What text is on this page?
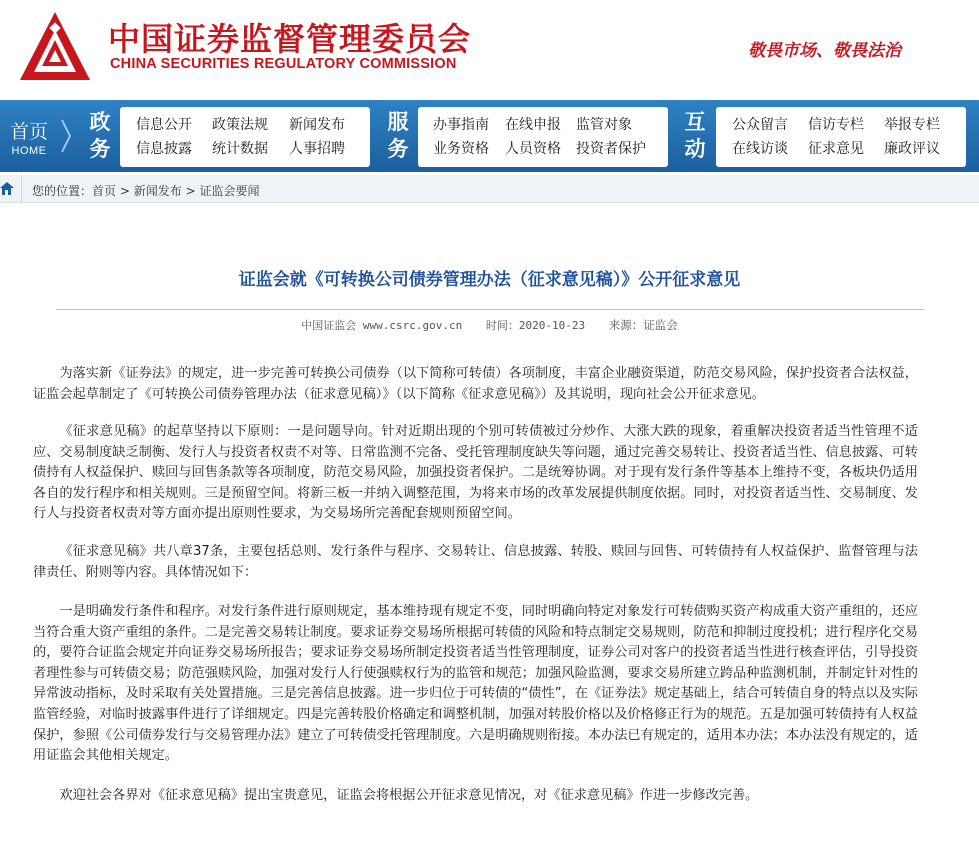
中国证券监督管理委员会
CHINA SECURITIES REGULATORY COMMISSION
敬畏市场、敬畏法治
首页
HOME
政
务
信息公开 政策法规 新闻发布
信息披露 统计数据 人事招聘
服
务
办事指南 在线申报 监管对象
业务资格 人员资格 投资者保护
互
动
公众留言 信访专栏 举报专栏
在线访谈 征求意见 廉政评议
您的位置：首页 > 新闻发布 > 证监会要闻
证监会就《可转换公司债券管理办法（征求意见稿）》公开征求意见
中国证监会 www.csrc.gov.cn 时间：2020-10-23 来源：证监会
为落实新《证券法》的规定，进一步完善可转换公司债券（以下简称可转债）各项制度，丰富企业融资渠道，防范交易风险，保护投资者合法权益，证监会起草制定了《可转换公司债券管理办法（征求意见稿）》（以下简称《征求意见稿》）及其说明，现向社会公开征求意见。
《征求意见稿》的起草坚持以下原则：一是问题导向。针对近期出现的个别可转债被过分炒作、大涨大跌的现象，着重解决投资者适当性管理不适应、交易制度缺乏制衡、发行人与投资者权责不对等、日常监测不完备、受托管理制度缺失等问题，通过完善交易转让、投资者适当性、信息披露、可转债持有人权益保护、赎回与回售条款等各项制度，防范交易风险，加强投资者保护。二是统筹协调。对于现有发行条件等基本上维持不变，各板块仍适用各自的发行程序和相关规则。三是预留空间。将新三板一并纳入调整范围，为将来市场的改革发展提供制度依据。同时，对投资者适当性、交易制度、发行人与投资者权责对等方面亦提出原则性要求，为交易场所完善配套规则预留空间。
《征求意见稿》共八章37条，主要包括总则、发行条件与程序、交易转让、信息披露、转股、赎回与回售、可转债持有人权益保护、监督管理与法律责任、附则等内容。具体情况如下：
一是明确发行条件和程序。对发行条件进行原则规定，基本维持现有规定不变，同时明确向特定对象发行可转债购买资产构成重大资产重组的，还应当符合重大资产重组的条件。二是完善交易转让制度。要求证券交易场所根据可转债的风险和特点制定交易规则，防范和抑制过度投机；进行程序化交易的，要符合证监会规定并向证券交易场所报告；要求证券交易场所制定投资者适当性管理制度，证券公司对客户的投资者适当性进行核查评估，引导投资者理性参与可转债交易；防范强赎风险，加强对发行人行使强赎权行为的监管和规范；加强风险监测，要求交易所建立跨品种监测机制，并制定针对性的异常波动指标，及时采取有关处置措施。三是完善信息披露。进一步归位于可转债的“债性”，在《证券法》规定基础上，结合可转债自身的特点以及实际监管经验，对临时披露事件进行了详细规定。四是完善转股价格确定和调整机制，加强对转股价格以及价格修正行为的规范。五是加强可转债持有人权益保护，参照《公司债券发行与交易管理办法》建立了可转债受托管理制度。六是明确规则衔接。本办法已有规定的，适用本办法；本办法没有规定的，适用证监会其他相关规定。
欢迎社会各界对《征求意见稿》提出宝贵意见，证监会将根据公开征求意见情况，对《征求意见稿》作进一步修改完善。
